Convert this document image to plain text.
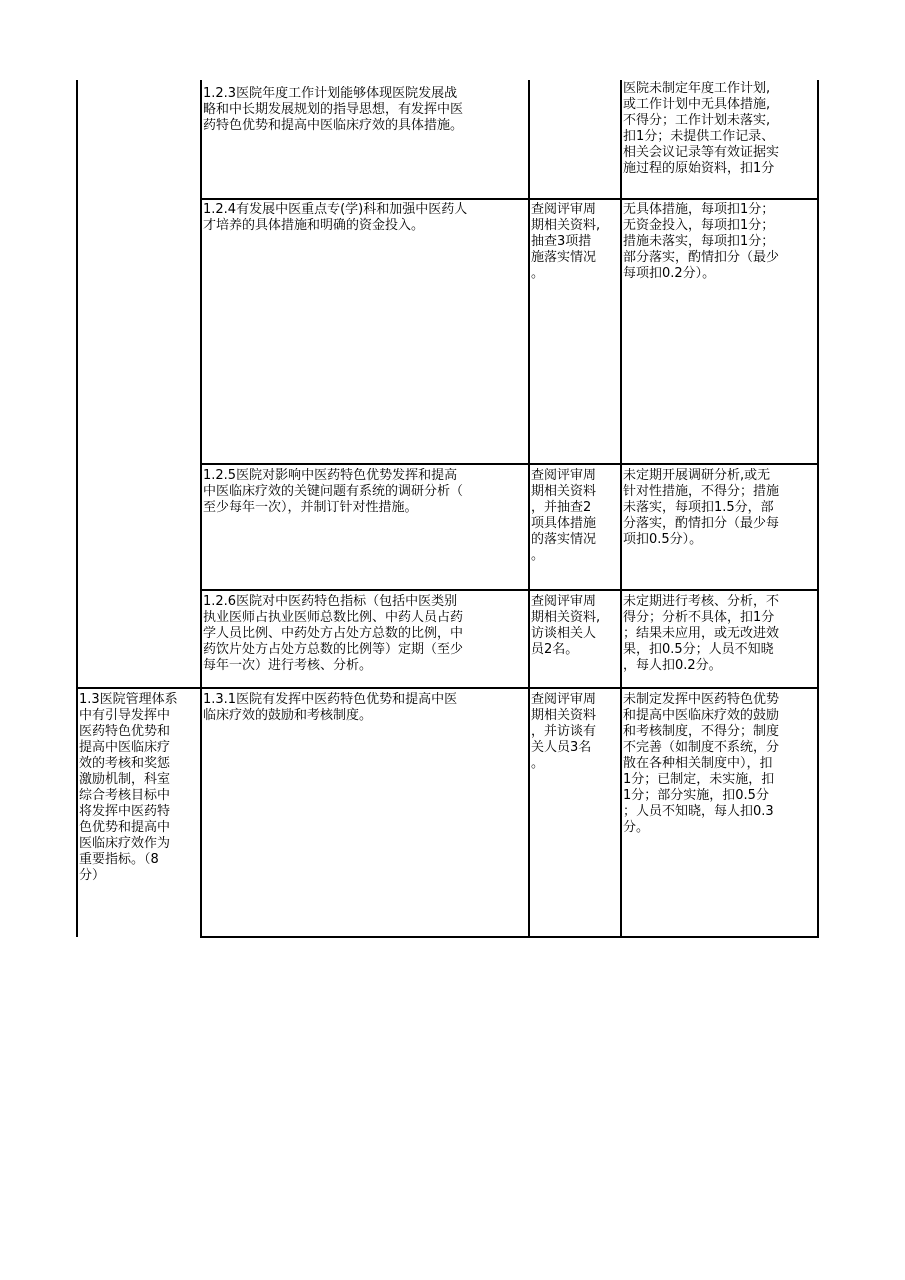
1.2.3医院年度工作计划能够体现医院发展战
略和中长期发展规划的指导思想，有发挥中医
药特色优势和提高中医临床疗效的具体措施。
医院未制定年度工作计划,
或工作计划中无具体措施,
不得分；工作计划未落实,
扣1分；未提供工作记录、
相关会议记录等有效证据实
施过程的原始资料，扣1分
1.2.4有发展中医重点专(学)科和加强中医药人
才培养的具体措施和明确的资金投入。
查阅评审周
期相关资料,
抽查3项措
施落实情况
。
无具体措施，每项扣1分；
无资金投入，每项扣1分；
措施未落实，每项扣1分；
部分落实，酌情扣分（最少
每项扣0.2分）。
1.2.5医院对影响中医药特色优势发挥和提高
中医临床疗效的关键问题有系统的调研分析（
至少每年一次），并制订针对性措施。
查阅评审周
期相关资料
，并抽查2
项具体措施
的落实情况
。
未定期开展调研分析,或无
针对性措施，不得分；措施
未落实，每项扣1.5分，部
分落实，酌情扣分（最少每
项扣0.5分）。
1.2.6医院对中医药特色指标（包括中医类别
执业医师占执业医师总数比例、中药人员占药
学人员比例、中药处方占处方总数的比例，中
药饮片处方占处方总数的比例等）定期（至少
每年一次）进行考核、分析。
查阅评审周
期相关资料,
访谈相关人
员2名。
未定期进行考核、分析，不
得分；分析不具体，扣1分
；结果未应用，或无改进效
果，扣0.5分；人员不知晓
，每人扣0.2分。
1.3医院管理体系
中有引导发挥中
医药特色优势和
提高中医临床疗
效的考核和奖惩
激励机制，科室
综合考核目标中
将发挥中医药特
色优势和提高中
医临床疗效作为
重要指标。（8
分）
1.3.1医院有发挥中医药特色优势和提高中医
临床疗效的鼓励和考核制度。
查阅评审周
期相关资料
，并访谈有
关人员3名
。
未制定发挥中医药特色优势
和提高中医临床疗效的鼓励
和考核制度，不得分；制度
不完善（如制度不系统，分
散在各种相关制度中），扣
1分；已制定，未实施，扣
1分；部分实施，扣0.5分
；人员不知晓，每人扣0.3
分。
